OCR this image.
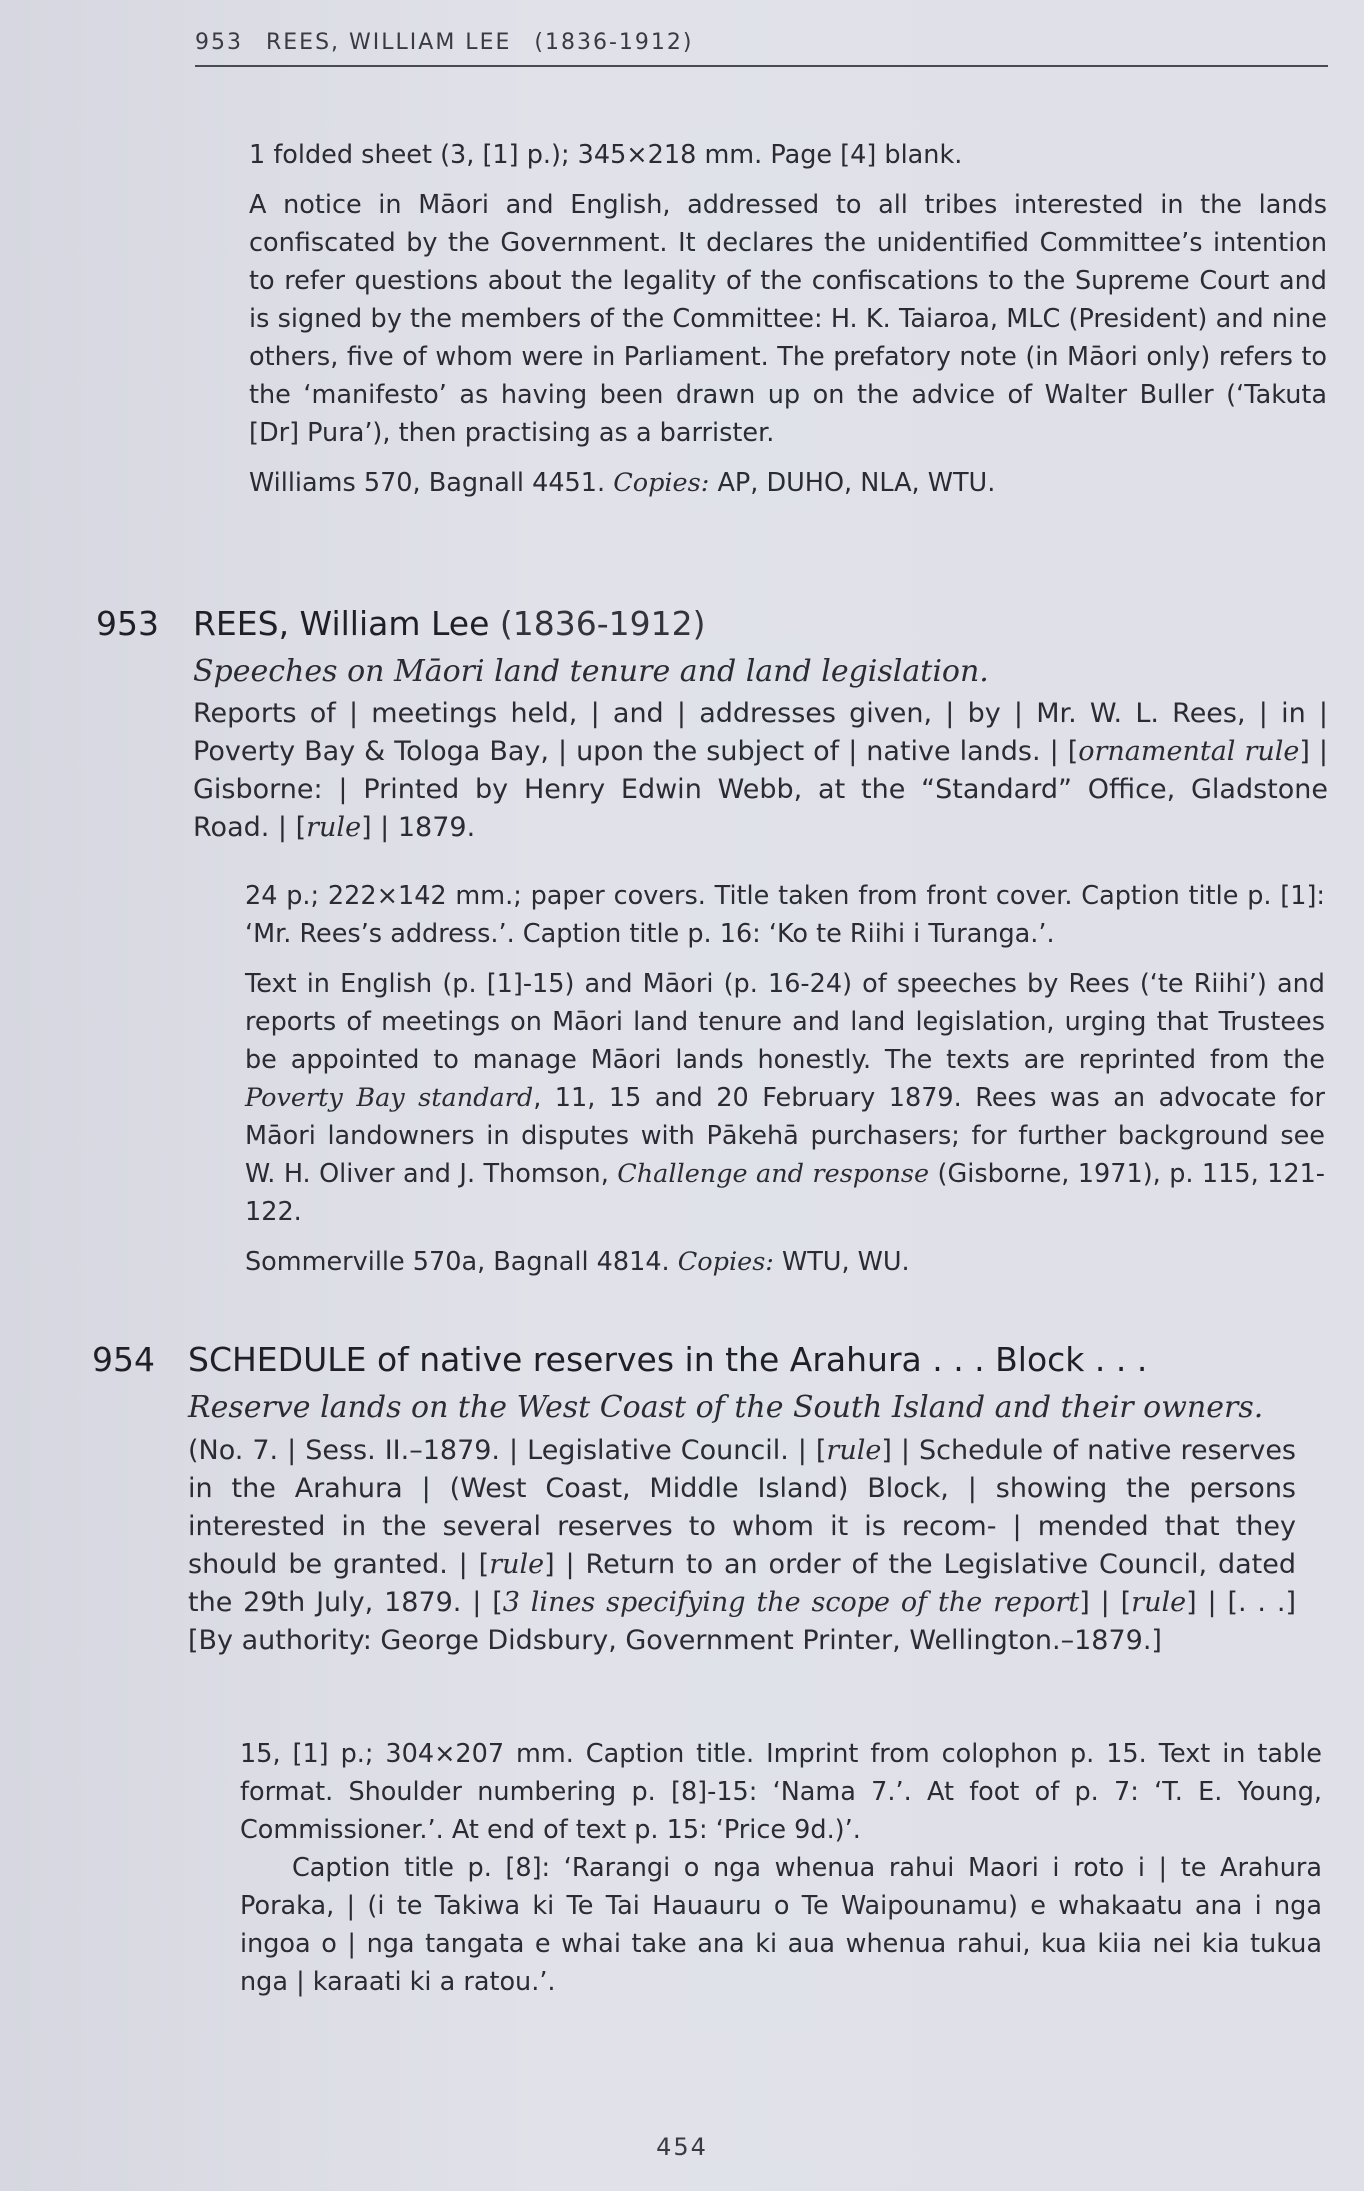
953 REES, WILLIAM LEE (1836-1912)

1 folded sheet (3, [1] p.); 345×218 mm. Page [4] blank.

A notice in Māori and English, addressed to all tribes interested in the lands confiscated by the Government. It declares the unidentified Committee’s intention to refer questions about the legality of the confiscations to the Supreme Court and is signed by the members of the Committee: H. K. Taiaroa, MLC (President) and nine others, five of whom were in Parliament. The prefatory note (in Māori only) refers to the ‘manifesto’ as having been drawn up on the advice of Walter Buller (‘Takuta [Dr] Pura’), then practising as a barrister.

Williams 570, Bagnall 4451. Copies: AP, DUHO, NLA, WTU.

953 REES, William Lee (1836-1912)
Speeches on Māori land tenure and land legislation.

Reports of | meetings held, | and | addresses given, | by | Mr. W. L. Rees, | in | Poverty Bay & Tologa Bay, | upon the subject of | native lands. | [ornamental rule] | Gisborne: | Printed by Henry Edwin Webb, at the “Standard” Office, Gladstone Road. | [rule] | 1879.

24 p.; 222×142 mm.; paper covers. Title taken from front cover. Caption title p. [1]: ‘Mr. Rees’s address.’. Caption title p. 16: ‘Ko te Riihi i Turanga.’.

Text in English (p. [1]-15) and Māori (p. 16-24) of speeches by Rees (‘te Riihi’) and reports of meetings on Māori land tenure and land legislation, urging that Trustees be appointed to manage Māori lands honestly. The texts are reprinted from the Poverty Bay standard, 11, 15 and 20 February 1879. Rees was an advocate for Māori landowners in disputes with Pākehā purchasers; for further background see W. H. Oliver and J. Thomson, Challenge and response (Gisborne, 1971), p. 115, 121-122.

Sommerville 570a, Bagnall 4814. Copies: WTU, WU.

954 SCHEDULE of native reserves in the Arahura . . . Block . . .
Reserve lands on the West Coast of the South Island and their owners.

(No. 7. | Sess. II.–1879. | Legislative Council. | [rule] | Schedule of native reserves in the Arahura | (West Coast, Middle Island) Block, | showing the persons interested in the several reserves to whom it is recom- | mended that they should be granted. | [rule] | Return to an order of the Legislative Council, dated the 29th July, 1879. | [3 lines specifying the scope of the report] | [rule] | [. . .] [By authority: George Didsbury, Government Printer, Wellington.–1879.]

15, [1] p.; 304×207 mm. Caption title. Imprint from colophon p. 15. Text in table format. Shoulder numbering p. [8]-15: ‘Nama 7.’. At foot of p. 7: ‘T. E. Young, Commissioner.’. At end of text p. 15: ‘Price 9d.)’.

Caption title p. [8]: ‘Rarangi o nga whenua rahui Maori i roto i | te Arahura Poraka, | (i te Takiwa ki Te Tai Hauauru o Te Waipounamu) e whakaatu ana i nga ingoa o | nga tangata e whai take ana ki aua whenua rahui, kua kiia nei kia tukua nga | karaati ki a ratou.’.

454
